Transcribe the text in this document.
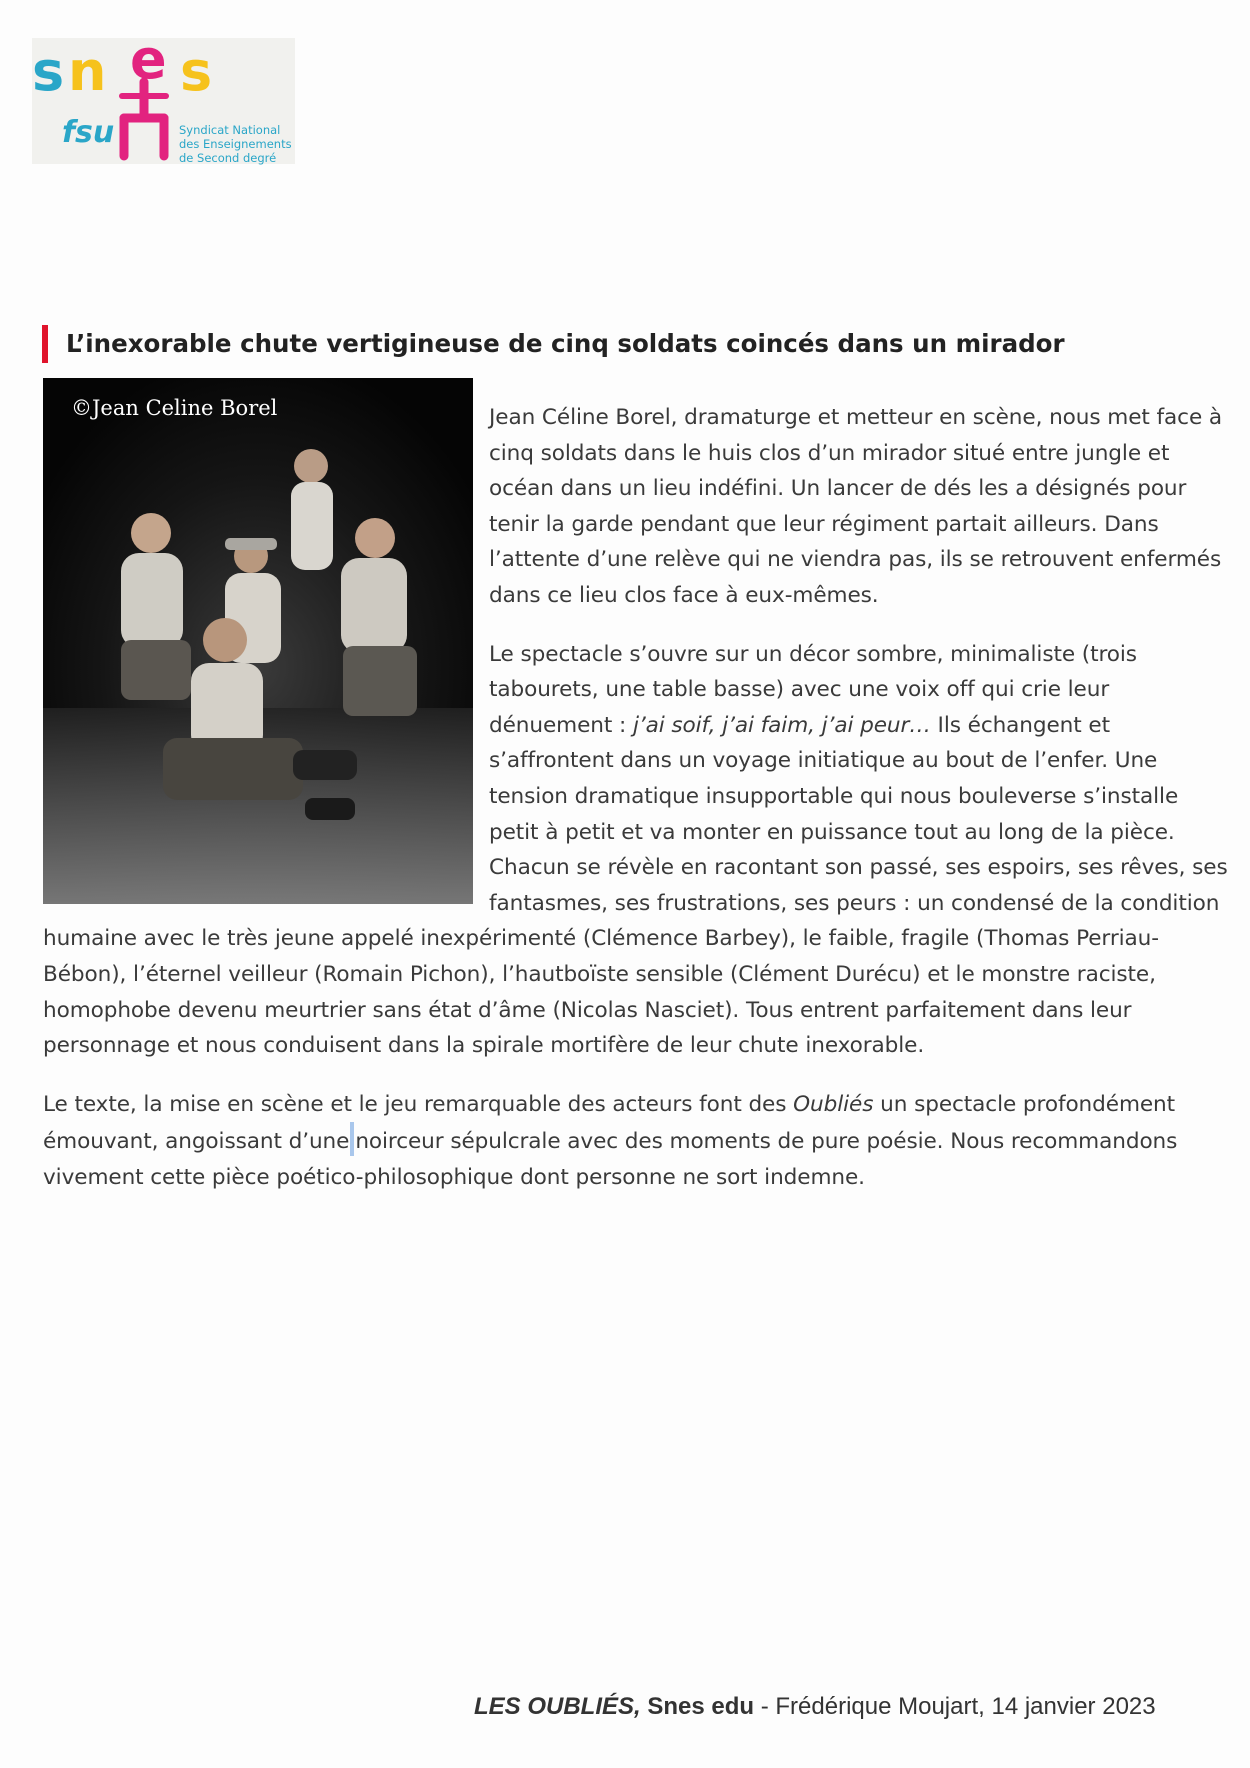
s n e s
fsu	Syndicat National
des Enseignements
de Second degré
L’inexorable chute vertigineuse de cinq soldats coincés dans un mirador
©Jean Celine Borel	Jean Céline Borel, dramaturge et metteur en scène, nous met face à cinq soldats dans le huis clos d’un mirador situé entre jungle et océan dans un lieu indéfini. Un lancer de dés les a désignés pour tenir la garde pendant que leur régiment partait ailleurs. Dans l’attente d’une relève qui ne viendra pas, ils se retrouvent enfermés dans ce lieu clos face à eux-mêmes.

Le spectacle s’ouvre sur un décor sombre, minimaliste (trois tabourets, une table basse) avec une voix off qui crie leur dénuement : j’ai soif, j’ai faim, j’ai peur… Ils échangent et s’affrontent dans un voyage initiatique au bout de l’enfer. Une tension dramatique insupportable qui nous bouleverse s’installe petit à petit et va monter en puissance tout au long de la pièce. Chacun se révèle en racontant son passé, ses espoirs, ses rêves, ses fantasmes, ses frustrations, ses peurs : un condensé de la condition humaine avec le très jeune appelé inexpérimenté (Clémence Barbey), le faible, fragile (Thomas Perriau-Bébon), l’éternel veilleur (Romain Pichon), l’hautboïste sensible (Clément Durécu) et le monstre raciste, homophobe devenu meurtrier sans état d’âme (Nicolas Nasciet). Tous entrent parfaitement dans leur personnage et nous conduisent dans la spirale mortifère de leur chute inexorable.

Le texte, la mise en scène et le jeu remarquable des acteurs font des Oubliés un spectacle profondément émouvant, angoissant d’une noirceur sépulcrale avec des moments de pure poésie. Nous recommandons vivement cette pièce poético-philosophique dont personne ne sort indemne.

LES OUBLIÉS, Snes edu - Frédérique Moujart, 14 janvier 2023
